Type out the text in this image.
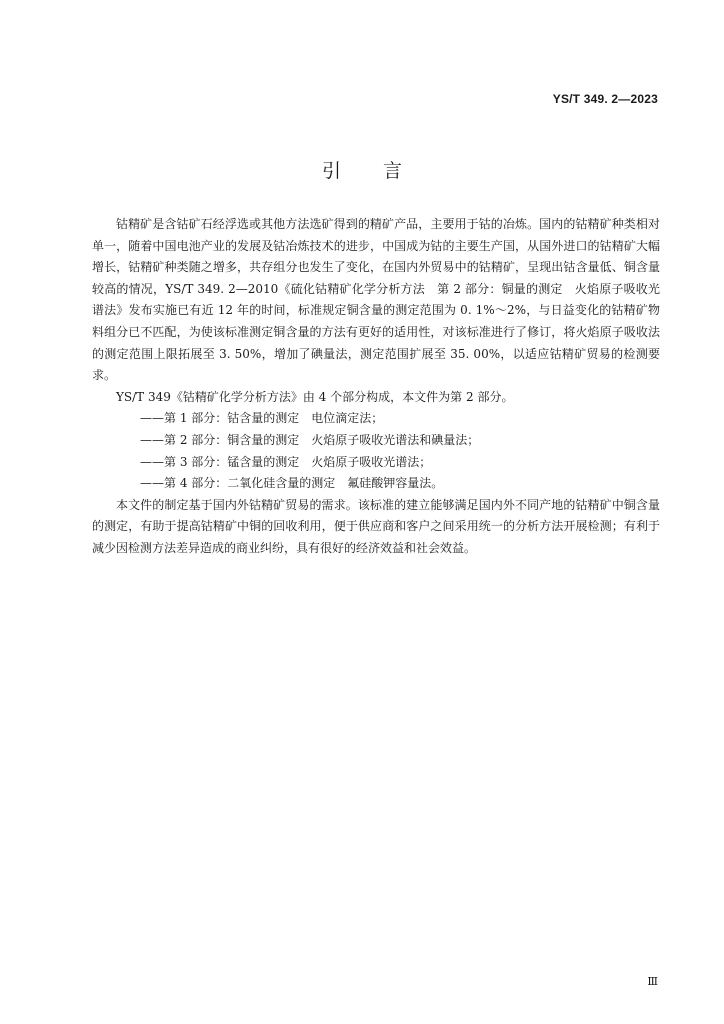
YS/T 349. 2—2023
引言

钴精矿是含钴矿石经浮选或其他方法选矿得到的精矿产品，主要用于钴的冶炼。国内的钴精矿种类相对单一，随着中国电池产业的发展及钴冶炼技术的进步，中国成为钴的主要生产国，从国外进口的钴精矿大幅增长，钴精矿种类随之增多，共存组分也发生了变化，在国内外贸易中的钴精矿，呈现出钴含量低、铜含量较高的情况，YS/T 349. 2—2010《硫化钴精矿化学分析方法　第 2 部分：铜量的测定　火焰原子吸收光谱法》发布实施已有近 12 年的时间，标准规定铜含量的测定范围为 0. 1%～2%，与日益变化的钴精矿物料组分已不匹配，为使该标准测定铜含量的方法有更好的适用性，对该标准进行了修订，将火焰原子吸收法的测定范围上限拓展至 3. 50%，增加了碘量法，测定范围扩展至 35. 00%，以适应钴精矿贸易的检测要求。

YS/T 349《钴精矿化学分析方法》由 4 个部分构成，本文件为第 2 部分。

——第 1 部分：钴含量的测定　电位滴定法；

——第 2 部分：铜含量的测定　火焰原子吸收光谱法和碘量法；

——第 3 部分：锰含量的测定　火焰原子吸收光谱法；

——第 4 部分：二氧化硅含量的测定　氟硅酸钾容量法。

本文件的制定基于国内外钴精矿贸易的需求。该标准的建立能够满足国内外不同产地的钴精矿中铜含量的测定，有助于提高钴精矿中铜的回收利用，便于供应商和客户之间采用统一的分析方法开展检测；有利于减少因检测方法差异造成的商业纠纷，具有很好的经济效益和社会效益。

Ⅲ
